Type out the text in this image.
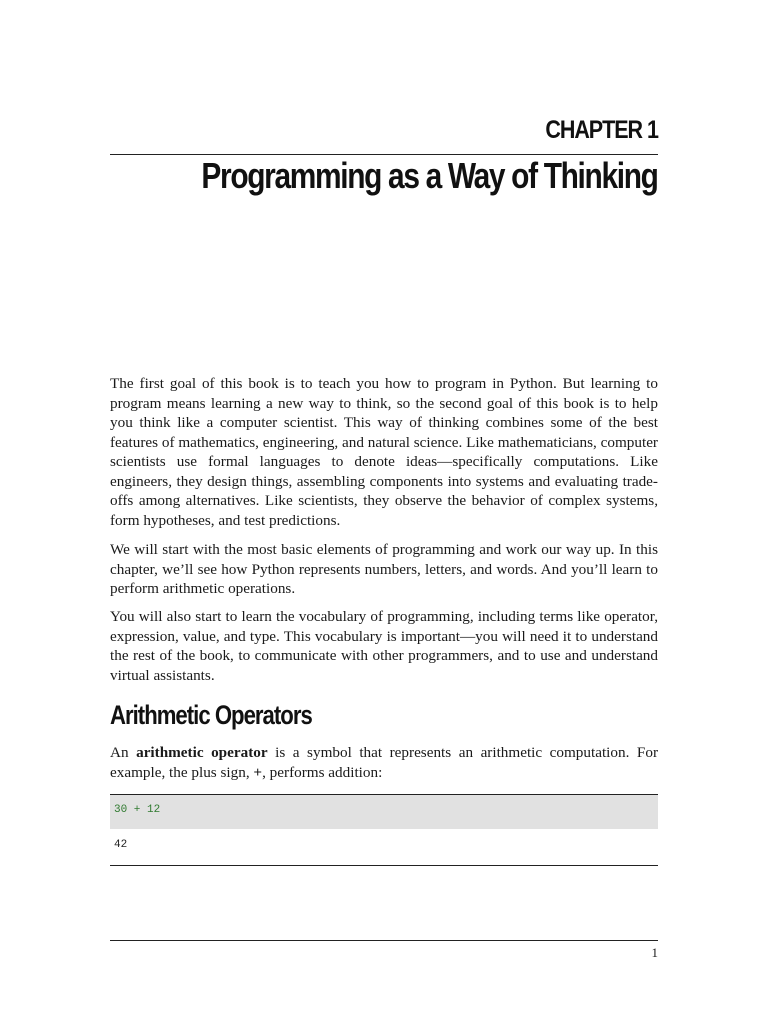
CHAPTER 1
Programming as a Way of Thinking

The first goal of this book is to teach you how to program in Python. But learning to program means learning a new way to think, so the second goal of this book is to help you think like a computer scientist. This way of thinking combines some of the best features of mathematics, engineering, and natural science. Like mathematicians, computer scientists use formal languages to denote ideas—specifically computations. Like engineers, they design things, assembling components into systems and evaluating trade-offs among alternatives. Like scientists, they observe the behavior of complex systems, form hypotheses, and test predictions.

We will start with the most basic elements of programming and work our way up. In this chapter, we’ll see how Python represents numbers, letters, and words. And you’ll learn to perform arithmetic operations.

You will also start to learn the vocabulary of programming, including terms like operator, expression, value, and type. This vocabulary is important—you will need it to understand the rest of the book, to communicate with other programmers, and to use and understand virtual assistants.

Arithmetic Operators

An arithmetic operator is a symbol that represents an arithmetic computation. For example, the plus sign, +, performs addition:

30 + 12
42
1
